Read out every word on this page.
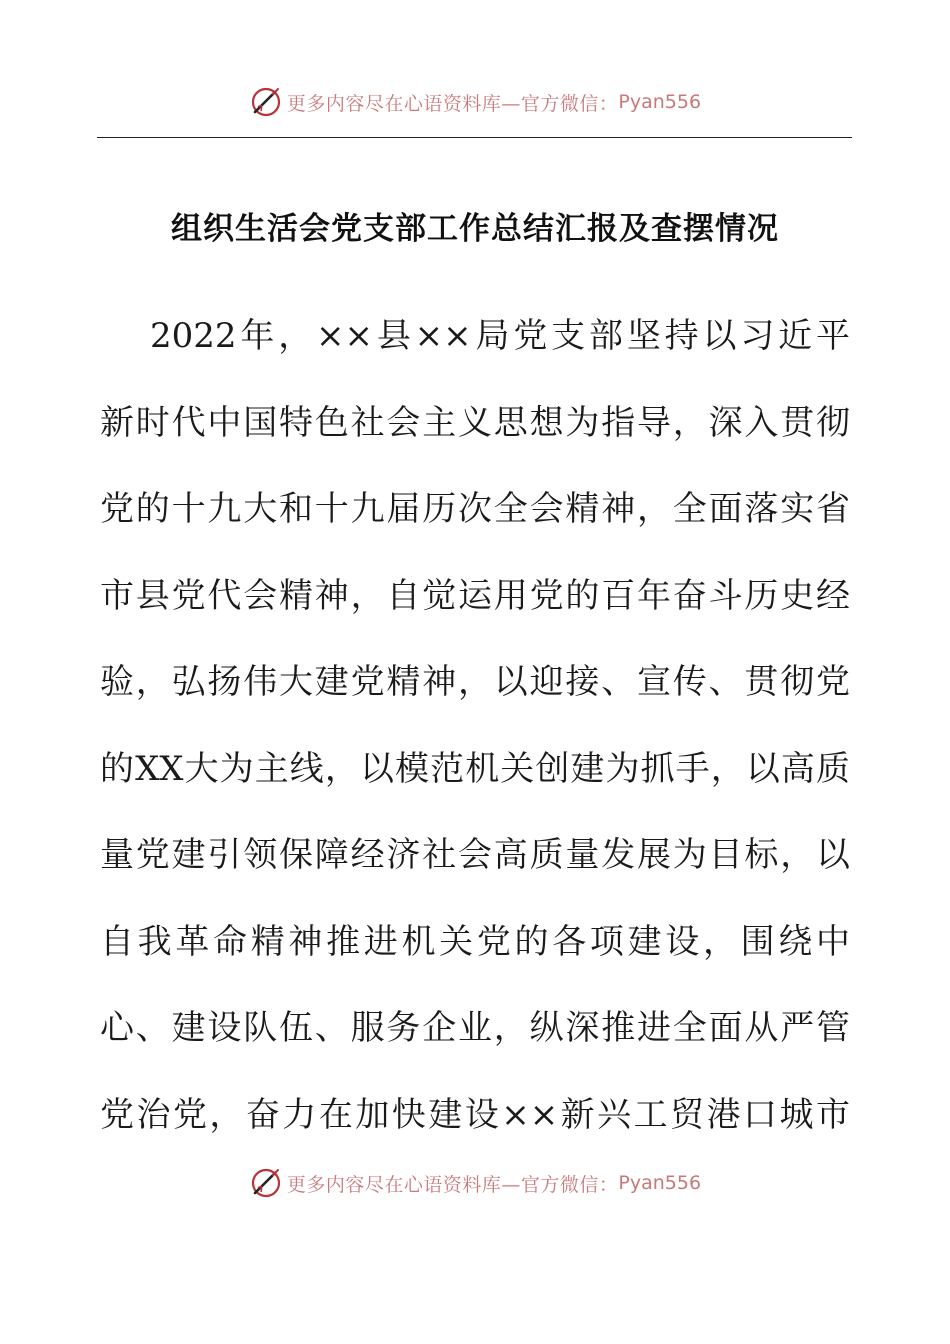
更多内容尽在心语资料库—官方微信： Pyan556
组织生活会党支部工作总结汇报及查摆情况
2022年，××县××局党支部坚持以习近平
新时代中国特色社会主义思想为指导，深入贯彻
党的十九大和十九届历次全会精神，全面落实省
市县党代会精神，自觉运用党的百年奋斗历史经
验，弘扬伟大建党精神，以迎接、宣传、贯彻党
的XX大为主线，以模范机关创建为抓手，以高质
量党建引领保障经济社会高质量发展为目标，以
自我革命精神推进机关党的各项建设，围绕中
心、建设队伍、服务企业，纵深推进全面从严管
党治党，奋力在加快建设××新兴工贸港口城市
更多内容尽在心语资料库—官方微信： Pyan556
